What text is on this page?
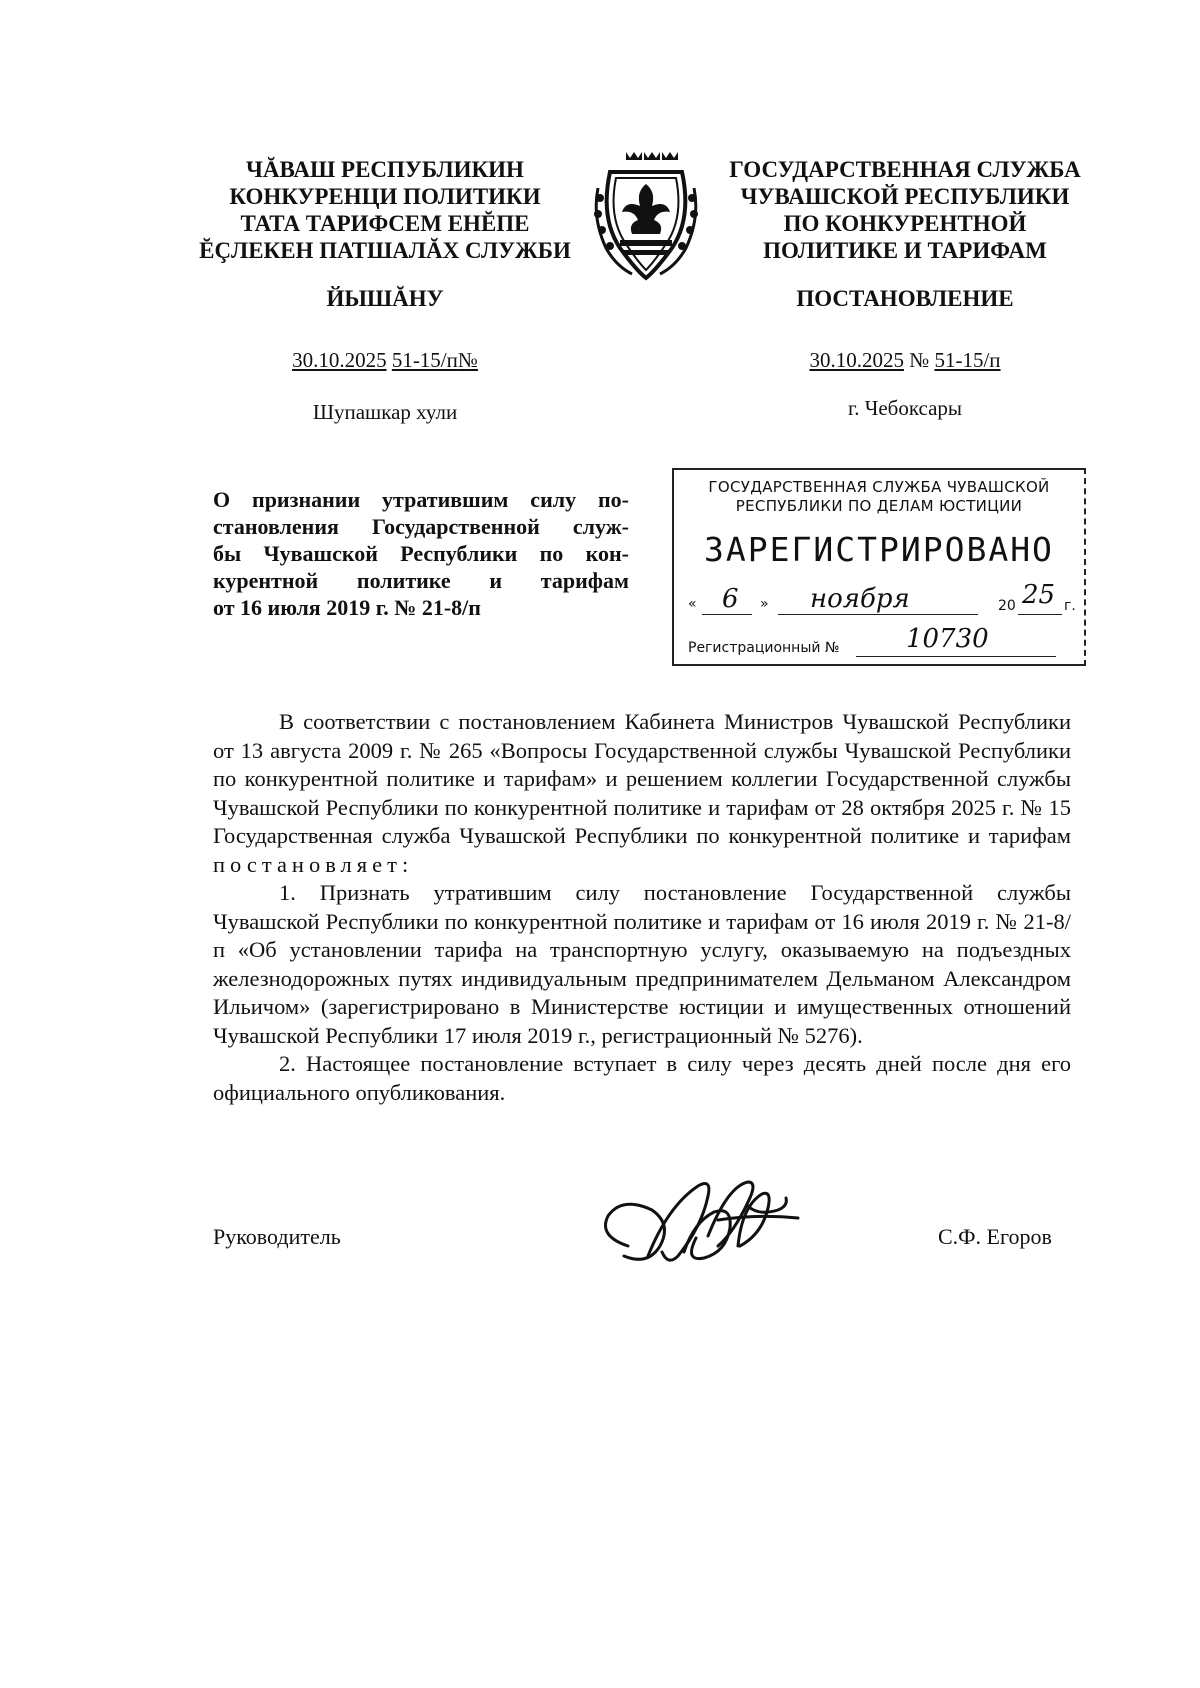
ЧĂВАШ РЕСПУБЛИКИН
КОНКУРЕНЦИ ПОЛИТИКИ
ТАТА ТАРИФСЕМ ЕНĔПЕ
ĔÇЛЕКЕН ПАТШАЛĂХ СЛУЖБИ
ГОСУДАРСТВЕННАЯ СЛУЖБА
ЧУВАШСКОЙ РЕСПУБЛИКИ
ПО КОНКУРЕНТНОЙ
ПОЛИТИКЕ И ТАРИФАМ
ЙЫШĂНУ	ПОСТАНОВЛЕНИЕ
30.10.2025 51-15/п№	30.10.2025 № 51-15/п
Шупашкар хули	г. Чебоксары
О признании утратившим силу по-
становления Государственной служ-
бы Чувашской Республики по кон-
курентной политике и тарифам
от 16 июля 2019 г. № 21-8/п
ГОСУДАРСТВЕННАЯ СЛУЖБА ЧУВАШСКОЙ
РЕСПУБЛИКИ ПО ДЕЛАМ ЮСТИЦИИ
ЗАРЕГИСТРИРОВАНО
« 6 » ноября	20 25 г.
Регистрационный №	10730

В соответствии с постановлением Кабинета Министров Чувашской Республики от 13 августа 2009 г. № 265 «Вопросы Государственной службы Чувашской Республики по конкурентной политике и тарифам» и решением коллегии Государственной службы Чувашской Республики по конкурентной политике и тарифам от 28 октября 2025 г. № 15 Государственная служба Чувашской Республики по конкурентной политике и тарифам постановляет:

1. Признать утратившим силу постановление Государственной службы Чувашской Республики по конкурентной политике и тарифам от 16 июля 2019 г. № 21-8/п «Об установлении тарифа на транспортную услугу, оказываемую на подъездных железнодорожных путях индивидуальным предпринимателем Дельманом Александром Ильичом» (зарегистрировано в Министерстве юстиции и имущественных отношений Чувашской Республики 17 июля 2019 г., регистрационный № 5276).

2. Настоящее постановление вступает в силу через десять дней после дня его официального опубликования.

Руководитель	С.Ф. Егоров
